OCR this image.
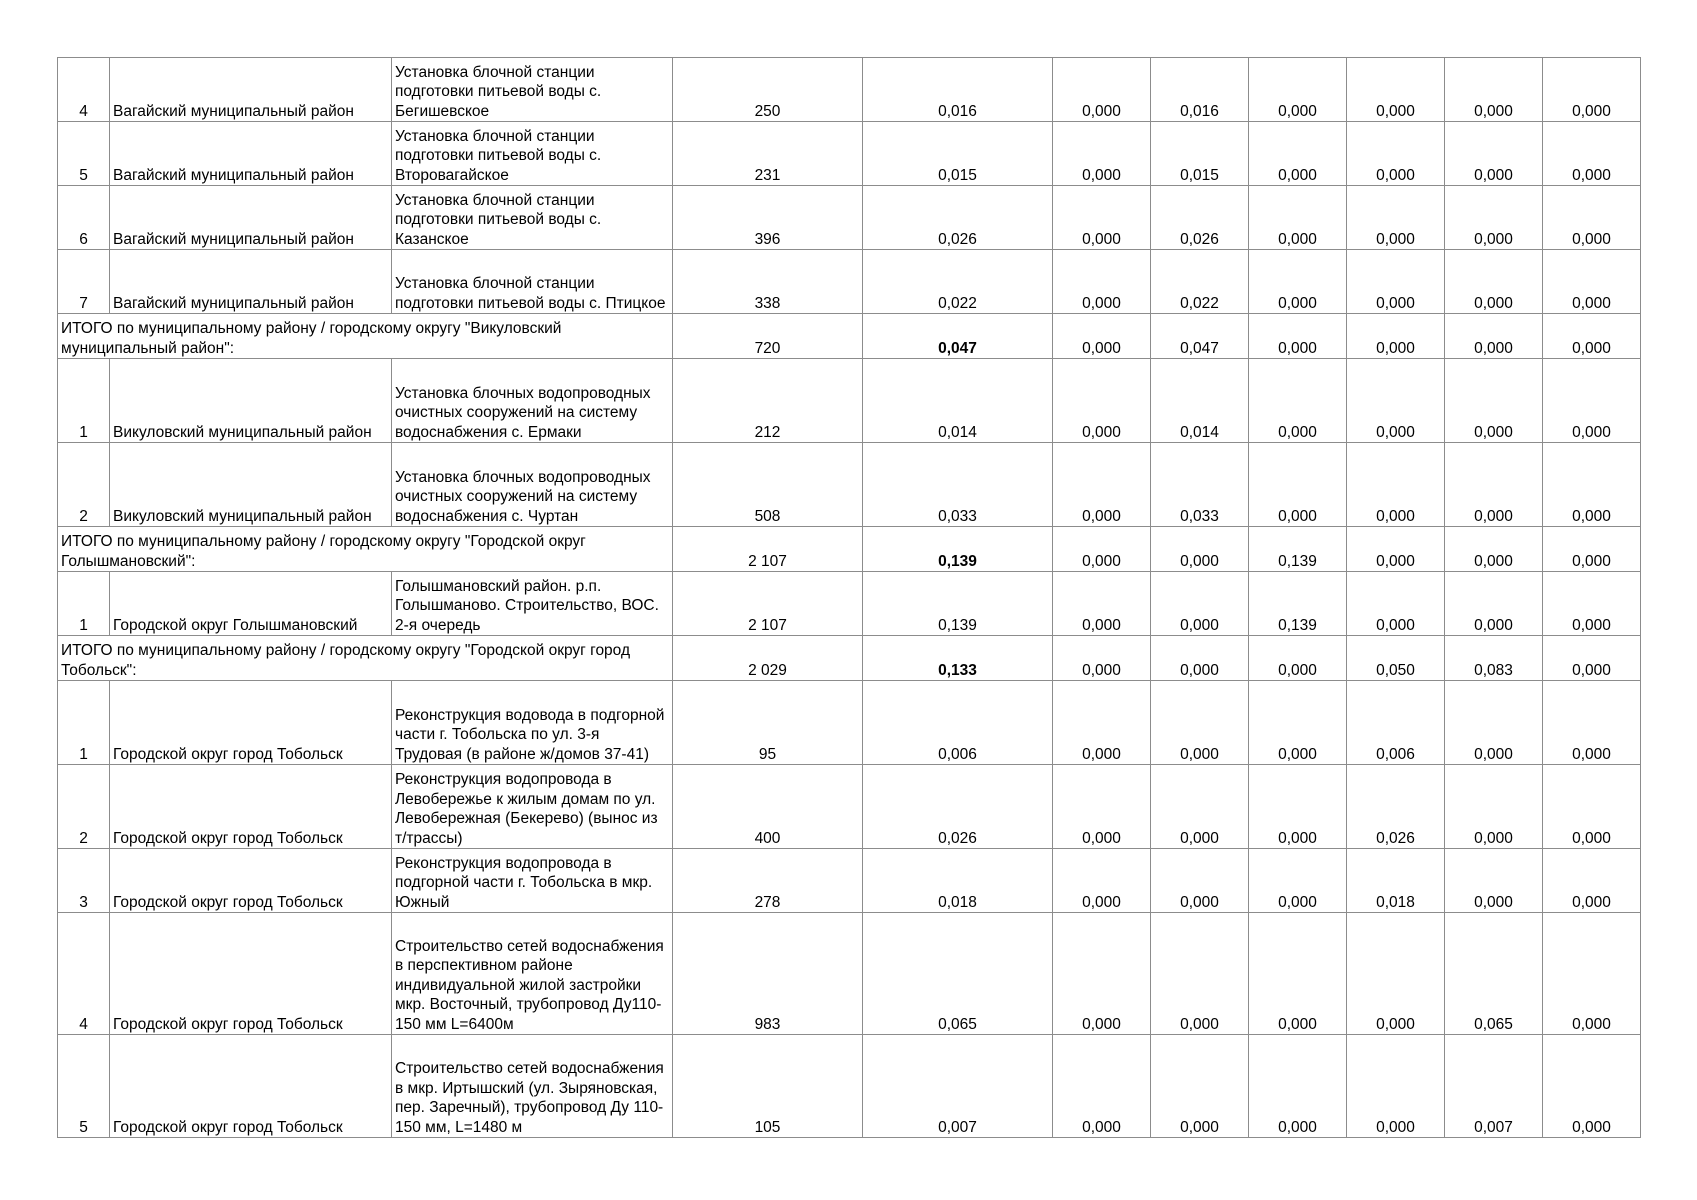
4	Вагайский муниципальный район	Установка блочной станции подготовки питьевой воды с. Бегишевское	250	0,016	0,000	0,016	0,000	0,000	0,000	0,000
5	Вагайский муниципальный район	Установка блочной станции подготовки питьевой воды с. Второвагайское	231	0,015	0,000	0,015	0,000	0,000	0,000	0,000
6	Вагайский муниципальный район	Установка блочной станции подготовки питьевой воды с. Казанское	396	0,026	0,000	0,026	0,000	0,000	0,000	0,000
7	Вагайский муниципальный район	Установка блочной станции подготовки питьевой воды с. Птицкое	338	0,022	0,000	0,022	0,000	0,000	0,000	0,000
ИТОГО по муниципальному району / городскому округу "Викуловский муниципальный район":			720	0,047	0,000	0,047	0,000	0,000	0,000	0,000
1	Викуловский муниципальный район	Установка блочных водопроводных очистных сооружений на систему водоснабжения с. Ермаки	212	0,014	0,000	0,014	0,000	0,000	0,000	0,000
2	Викуловский муниципальный район	Установка блочных водопроводных очистных сооружений на систему водоснабжения с. Чуртан	508	0,033	0,000	0,033	0,000	0,000	0,000	0,000
ИТОГО по муниципальному району / городскому округу "Городской округ Голышмановский":			2 107	0,139	0,000	0,000	0,139	0,000	0,000	0,000
1	Городской округ Голышмановский	Голышмановский район. р.п. Голышманово. Строительство, ВОС. 2-я очередь	2 107	0,139	0,000	0,000	0,139	0,000	0,000	0,000
ИТОГО по муниципальному району / городскому округу "Городской округ город Тобольск":			2 029	0,133	0,000	0,000	0,000	0,050	0,083	0,000
1	Городской округ город Тобольск	Реконструкция водовода в подгорной части г. Тобольска по ул. 3-я Трудовая (в районе ж/домов 37-41)	95	0,006	0,000	0,000	0,000	0,006	0,000	0,000
2	Городской округ город Тобольск	Реконструкция водопровода в Левобережье к жилым домам по ул. Левобережная (Бекерево) (вынос из т/трассы)	400	0,026	0,000	0,000	0,000	0,026	0,000	0,000
3	Городской округ город Тобольск	Реконструкция водопровода в подгорной части г. Тобольска в мкр. Южный	278	0,018	0,000	0,000	0,000	0,018	0,000	0,000
4	Городской округ город Тобольск	Строительство сетей водоснабжения в перспективном районе индивидуальной жилой застройки мкр. Восточный, трубопровод Ду110-150 мм L=6400м	983	0,065	0,000	0,000	0,000	0,000	0,065	0,000
5	Городской округ город Тобольск	Строительство сетей водоснабжения в мкр. Иртышский (ул. Зыряновская, пер. Заречный), трубопровод Ду 110-150 мм, L=1480 м	105	0,007	0,000	0,000	0,000	0,000	0,007	0,000
